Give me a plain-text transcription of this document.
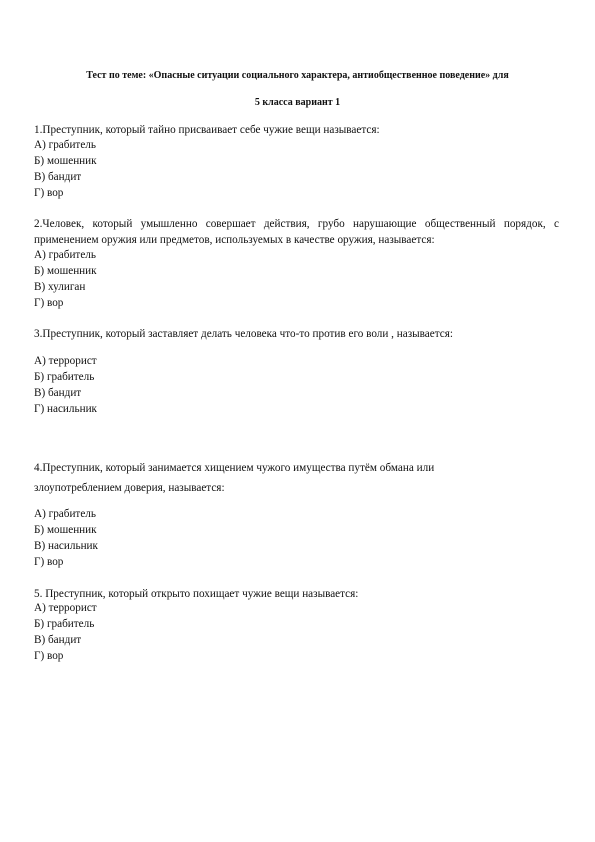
Тест по теме: «Опасные ситуации социального характера, антиобщественное поведение» для
5 класса вариант 1
1.Преступник, который тайно присваивает себе чужие вещи называется:
А) грабитель
Б) мошенник
В) бандит
Г) вор
2.Человек, который умышленно совершает действия, грубо нарушающие общественный порядок, с применением оружия или предметов, используемых в качестве оружия, называется:
А) грабитель
Б) мошенник
В) хулиган
Г) вор
3.Преступник, который заставляет делать человека что-то против его воли , называется:
А) террорист
Б) грабитель
В) бандит
Г) насильник
4.Преступник, который занимается хищением чужого имущества путём обмана или
злоупотреблением доверия, называется:
А) грабитель
Б) мошенник
В) насильник
Г) вор
5. Преступник, который открыто похищает чужие вещи называется:
А) террорист
Б) грабитель
В) бандит
Г) вор
